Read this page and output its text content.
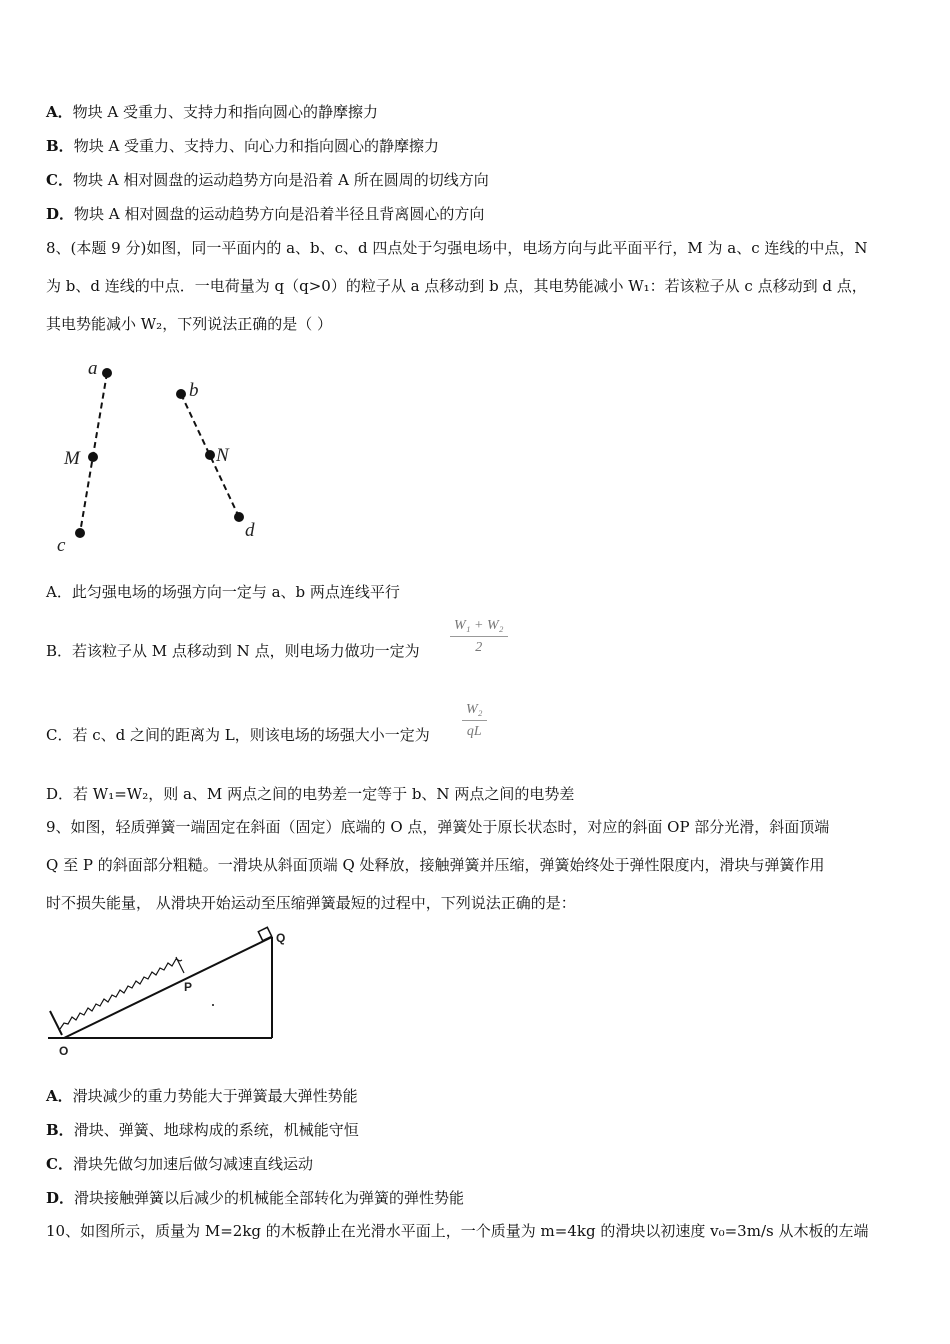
A．物块 A 受重力、支持力和指向圆心的静摩擦力
B．物块 A 受重力、支持力、向心力和指向圆心的静摩擦力
C．物块 A 相对圆盘的运动趋势方向是沿着 A 所在圆周的切线方向
D．物块 A 相对圆盘的运动趋势方向是沿着半径且背离圆心的方向
8、(本题 9 分)如图，同一平面内的 a、b、c、d 四点处于匀强电场中，电场方向与此平面平行，M 为 a、c 连线的中点，N
为 b、d 连线的中点．一电荷量为 q（q>0）的粒子从 a 点移动到 b 点，其电势能减小 W₁：若该粒子从 c 点移动到 d 点，
其电势能减小 W₂，下列说法正确的是（ ）
a
M
c
b
N
d
A．此匀强电场的场强方向一定与 a、b 两点连线平行
B．若该粒子从 M 点移动到 N 点，则电场力做功一定为 $\frac{\text{W₁ + W₂}}{2}$
C．若 c、d 之间的距离为 L，则该电场的场强大小一定为 $\frac{\text{W₂}}{qL}$
D．若 W₁=W₂，则 a、M 两点之间的电势差一定等于 b、N 两点之间的电势差
9、如图，轻质弹簧一端固定在斜面（固定）底端的 O 点，弹簧处于原长状态时，对应的斜面 OP 部分光滑，斜面顶端
Q 至 P 的斜面部分粗糙。一滑块从斜面顶端 Q 处释放，接触弹簧并压缩，弹簧始终处于弹性限度内，滑块与弹簧作用
时不损失能量， 从滑块开始运动至压缩弹簧最短的过程中，下列说法正确的是：
O
P
Q
A．滑块减少的重力势能大于弹簧最大弹性势能
B．滑块、弹簧、地球构成的系统，机械能守恒
C．滑块先做匀加速后做匀减速直线运动
D．滑块接触弹簧以后减少的机械能全部转化为弹簧的弹性势能
10、如图所示，质量为 M=2kg 的木板静止在光滑水平面上，一个质量为 m=4kg 的滑块以初速度 v₀=3m/s 从木板的左端
